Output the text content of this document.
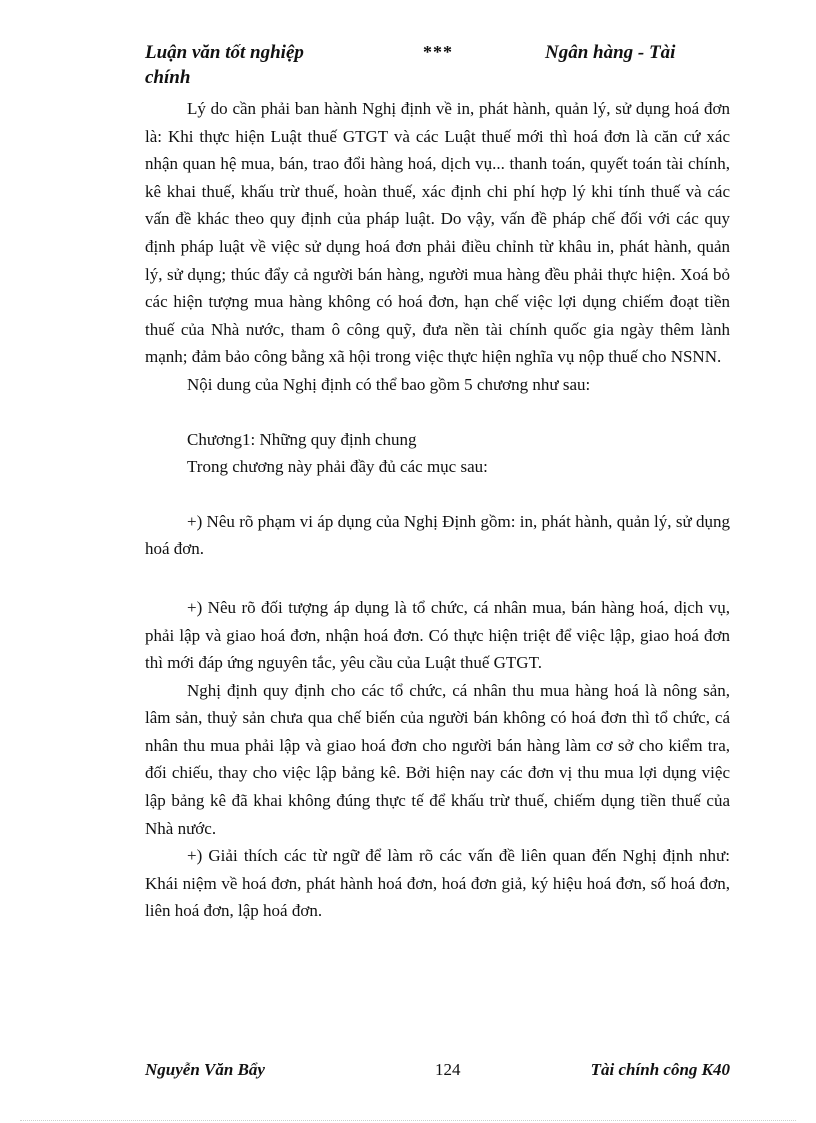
Luận văn tốt nghiệp chính
***	Ngân hàng - Tài

Lý do cần phải ban hành Nghị định về in, phát hành, quản lý, sử dụng hoá đơn là: Khi thực hiện Luật thuế GTGT và các Luật thuế mới thì hoá đơn là căn cứ xác nhận quan hệ mua, bán, trao đổi hàng hoá, dịch vụ... thanh toán, quyết toán tài chính, kê khai thuế, khấu trừ thuế, hoàn thuế, xác định chi phí hợp lý khi tính thuế và các vấn đề khác theo quy định của pháp luật. Do vậy, vấn đề pháp chế đối với các quy định pháp luật về việc sử dụng hoá đơn phải điều chỉnh từ khâu in, phát hành, quản lý, sử dụng; thúc đẩy cả người bán hàng, người mua hàng đều phải thực hiện. Xoá bỏ các hiện tượng mua hàng không có hoá đơn, hạn chế việc lợi dụng chiếm đoạt tiền thuế của Nhà nước, tham ô công quỹ, đưa nền tài chính quốc gia ngày thêm lành mạnh; đảm bảo công bằng xã hội trong việc thực hiện nghĩa vụ nộp thuế cho NSNN.

Nội dung của Nghị định có thể bao gồm 5 chương như sau:

Chương1: Những quy định chung

Trong chương này phải đầy đủ các mục sau:

+) Nêu rõ phạm vi áp dụng của Nghị Định gồm: in, phát hành, quản lý, sử dụng hoá đơn.

+) Nêu rõ đối tượng áp dụng là tổ chức, cá nhân mua, bán hàng hoá, dịch vụ, phải lập và giao hoá đơn, nhận hoá đơn. Có thực hiện triệt để việc lập, giao hoá đơn thì mới đáp ứng nguyên tắc, yêu cầu của Luật thuế GTGT.

Nghị định quy định cho các tổ chức, cá nhân thu mua hàng hoá là nông sản, lâm sản, thuỷ sản chưa qua chế biến của người bán không có hoá đơn thì tổ chức, cá nhân thu mua phải lập và giao hoá đơn cho người bán hàng làm cơ sở cho kiểm tra, đối chiếu, thay cho việc lập bảng kê. Bởi hiện nay các đơn vị thu mua lợi dụng việc lập bảng kê đã khai không đúng thực tế để khấu trừ thuế, chiếm dụng tiền thuế của Nhà nước.

+) Giải thích các từ ngữ để làm rõ các vấn đề liên quan đến Nghị định như: Khái niệm về hoá đơn, phát hành hoá đơn, hoá đơn giả, ký hiệu hoá đơn, số hoá đơn, liên hoá đơn, lập hoá đơn.

Nguyễn Văn Bẩy	124	Tài chính công K40
